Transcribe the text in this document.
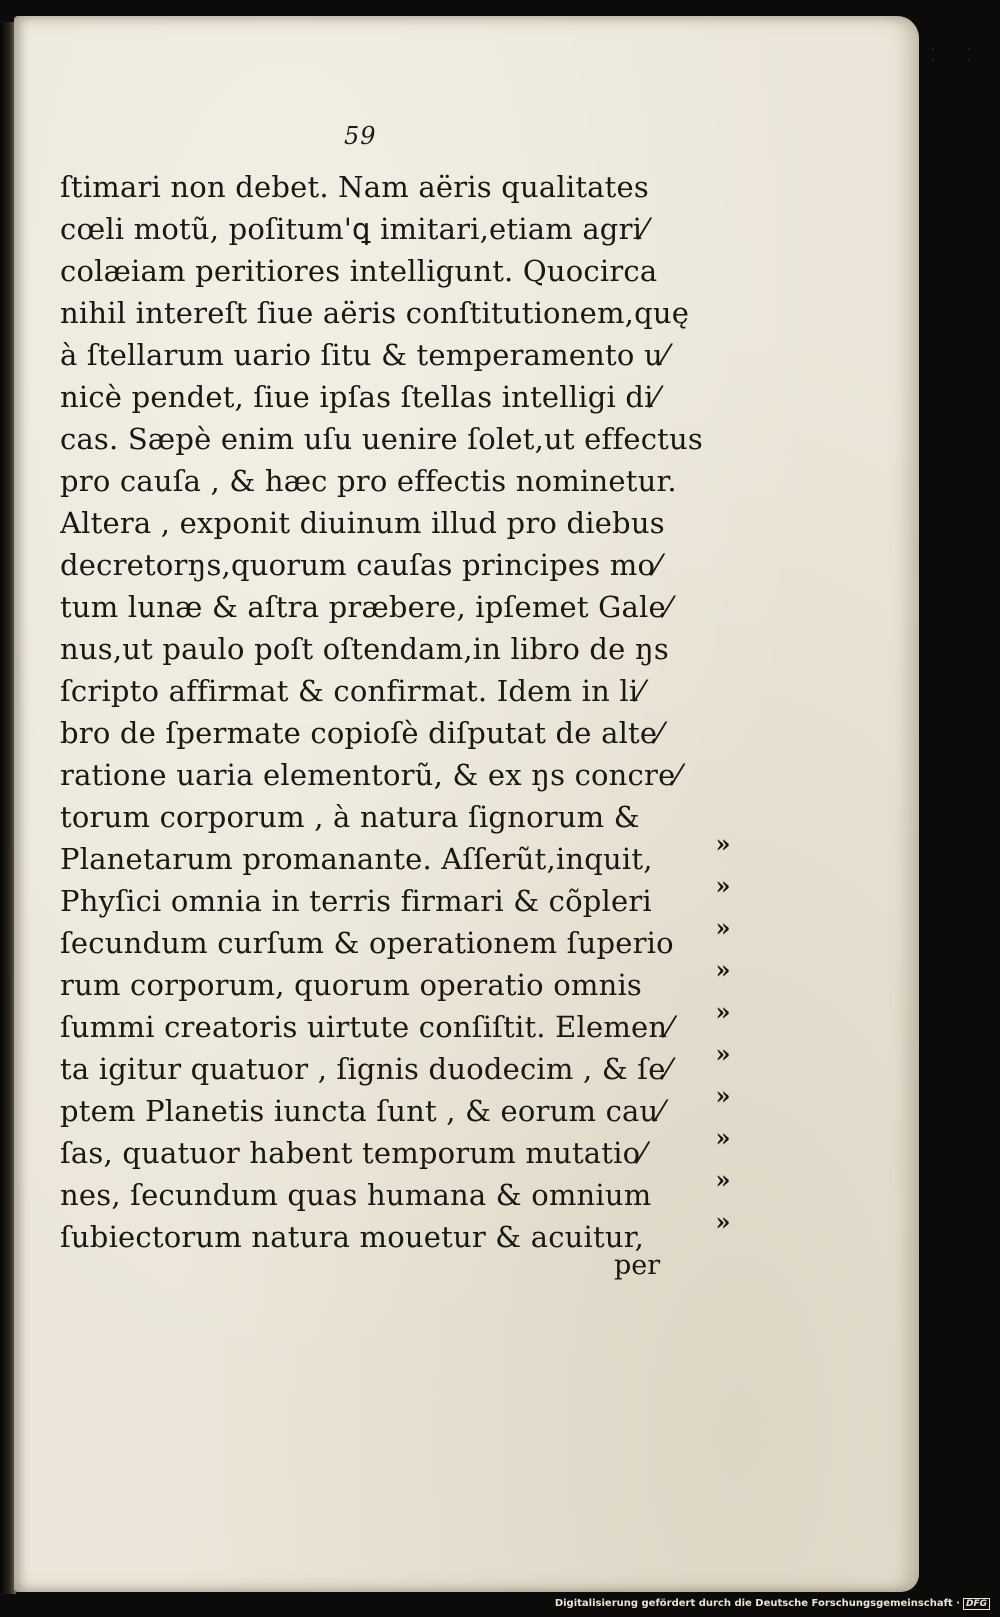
· · · ·
59
ſtimari non debet. Nam aëris qualitates
cœli motũ, poſitum'ꝗ imitari,etiam agri⁄
colæiam peritiores intelligunt. Quocirca
nihil intereſt ſiue aëris conſtitutionem,quę
à ſtellarum uario ſitu & temperamento u⁄
nicè pendet, ſiue ipſas ſtellas intelligi di⁄
cas. Sæpè enim uſu uenire ſolet,ut effectus
pro cauſa , & hæc pro effectis nominetur.
Altera , exponit diuinum illud pro diebus
decretorŋs,quorum cauſas principes mo⁄
tum lunæ & aſtra præbere, ipſemet Gale⁄
nus,ut paulo poſt oſtendam,in libro de ŋs
ſcripto affirmat & confirmat. Idem in li⁄
bro de ſpermate copioſè diſputat de alte⁄
ratione uaria elementorũ, & ex ŋs concre⁄
torum corporum , à natura ſignorum &
Planetarum promanante. Aſſerũt,inquit,
Phyſici omnia in terris firmari & cõpleri
ſecundum curſum & operationem ſuperio
rum corporum, quorum operatio omnis
ſummi creatoris uirtute conſiſtit. Elemen⁄
ta igitur quatuor , ſignis duodecim , & ſe⁄
ptem Planetis iuncta ſunt , & eorum cau⁄
ſas, quatuor habent temporum mutatio⁄
nes, ſecundum quas humana & omnium
ſubiectorum natura mouetur & acuitur,
»
»
»
»
»
»
»
»
»
»
per
Digitalisierung gefördert durch die Deutsche Forschungsgemeinschaft · DFG
